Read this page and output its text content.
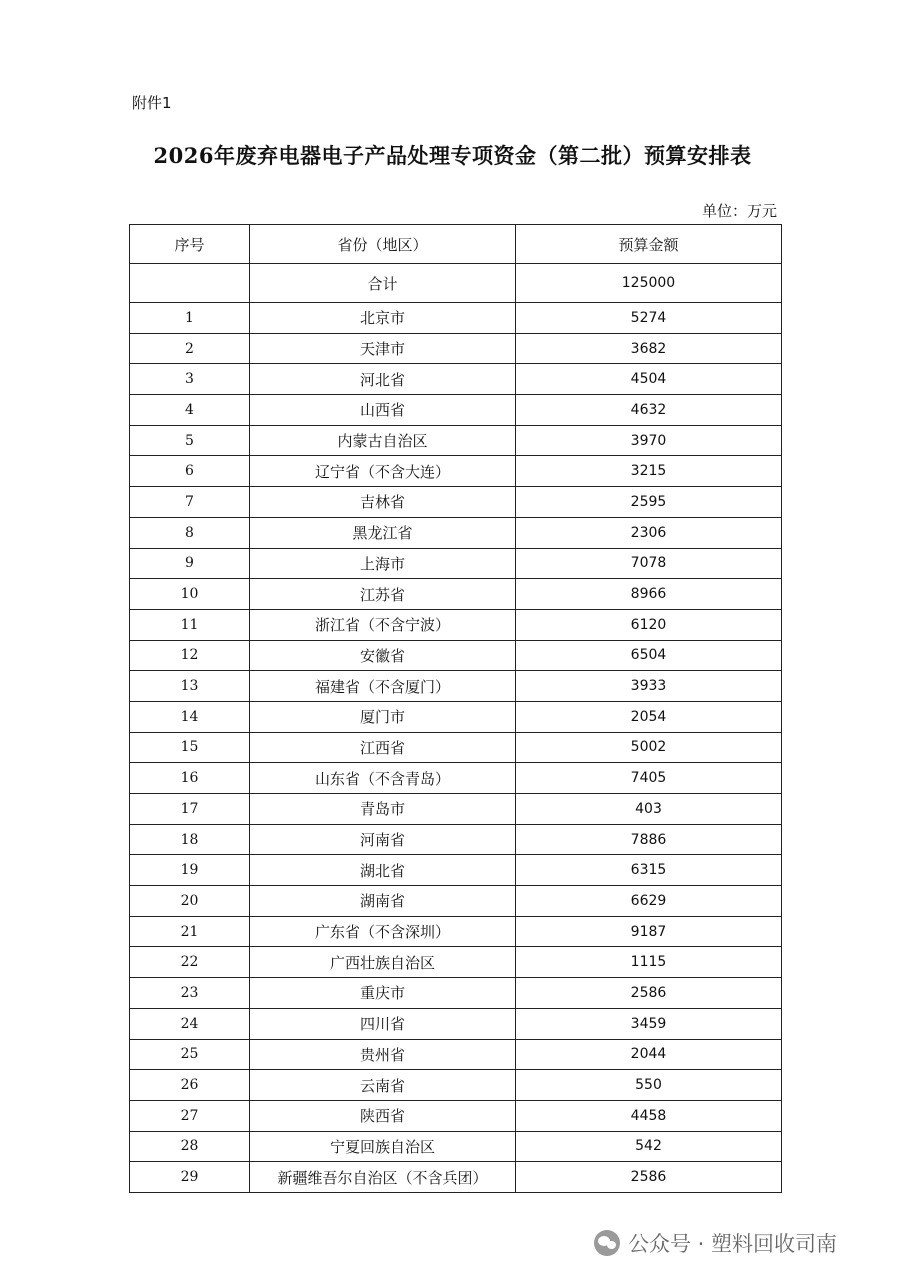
附件1
2026年废弃电器电子产品处理专项资金（第二批）预算安排表
单位：万元
序号	省份（地区）	预算金额
	合计	125000
1	北京市	5274
2	天津市	3682
3	河北省	4504
4	山西省	4632
5	内蒙古自治区	3970
6	辽宁省（不含大连）	3215
7	吉林省	2595
8	黑龙江省	2306
9	上海市	7078
10	江苏省	8966
11	浙江省（不含宁波）	6120
12	安徽省	6504
13	福建省（不含厦门）	3933
14	厦门市	2054
15	江西省	5002
16	山东省（不含青岛）	7405
17	青岛市	403
18	河南省	7886
19	湖北省	6315
20	湖南省	6629
21	广东省（不含深圳）	9187
22	广西壮族自治区	1115
23	重庆市	2586
24	四川省	3459
25	贵州省	2044
26	云南省	550
27	陕西省	4458
28	宁夏回族自治区	542
29	新疆维吾尔自治区（不含兵团）	2586
公众号 · 塑料回收司南
